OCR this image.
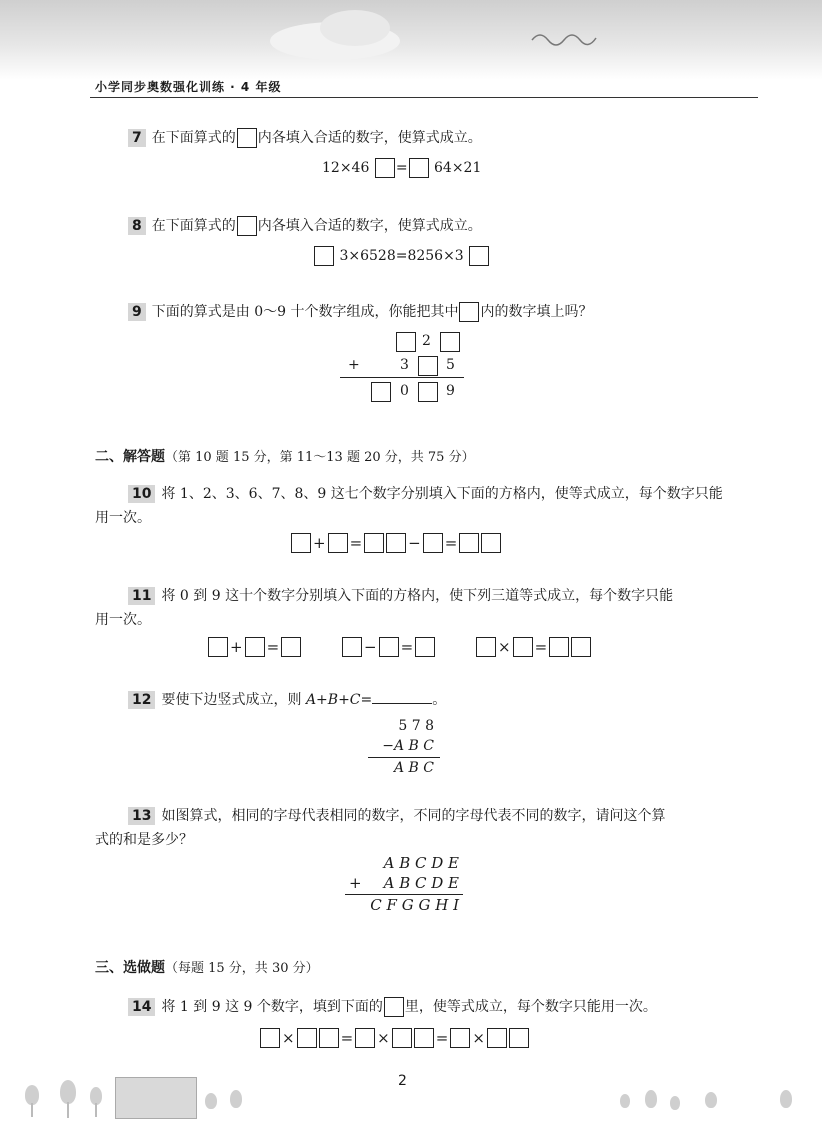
小学同步奥数强化训练 · 4 年级
7 在下面算式的 内各填入合适的数字，使算式成立。
12×46 = 64×21
8 在下面算式的 内各填入合适的数字，使算式成立。
3×6528=8256×3
9 下面的算式是由 0～9 十个数字组成，你能把其中 内的数字填上吗？
2
+	3	5
0	9
二、解答题（第 10 题 15 分，第 11～13 题 20 分，共 75 分）
10 将 1、2、3、6、7、8、9 这七个数字分别填入下面的方格内，使等式成立，每个数字只能
用一次。
+ =	− =
11 将 0 到 9 这十个数字分别填入下面的方格内，使下列三道等式成立，每个数字只能
用一次。
+ =	− =	× =
12 要使下边竖式成立，则 A+B+C=	。
5 7 8
−A B C
A B C
13 如图算式，相同的字母代表相同的数字，不同的字母代表不同的数字，请问这个算
式的和是多少？
A B C D E
+	A B C D E
C F G G H I
三、选做题（每题 15 分，共 30 分）
14 将 1 到 9 这 9 个数字，填到下面的 里，使等式成立，每个数字只能用一次。
×	= ×	= ×
2
